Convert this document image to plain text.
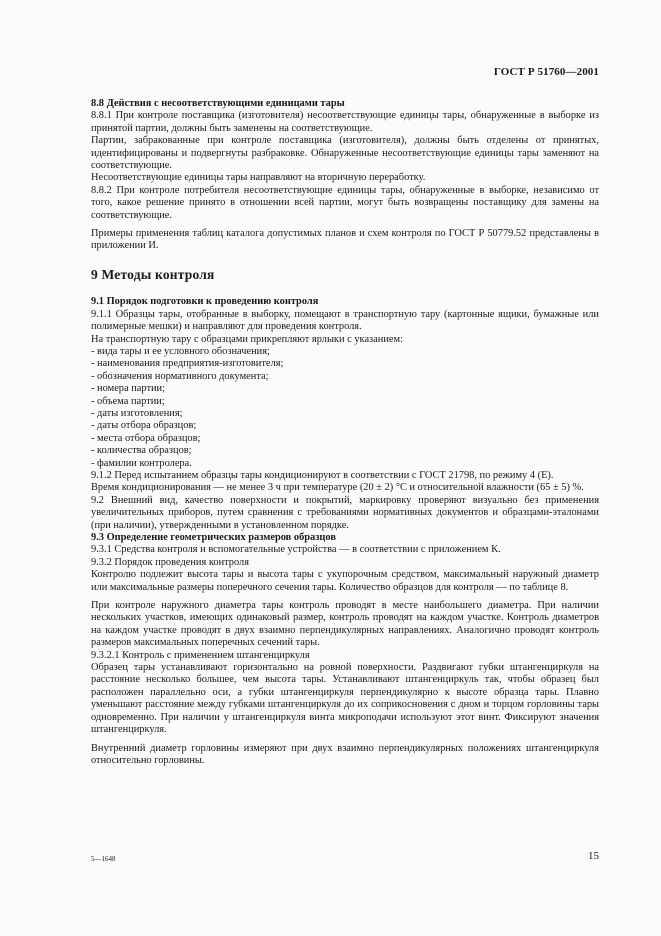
ГОСТ Р 51760—2001

8.8 Действия с несоответствующими единицами тары

8.8.1 При контроле поставщика (изготовителя) несоответствующие единицы тары, обнаруженные в выборке из принятой партии, должны быть заменены на соответствующие.

Партии, забракованные при контроле поставщика (изготовителя), должны быть отделены от принятых, идентифицированы и подвергнуты разбраковке. Обнаруженные несоответствующие единицы тары заменяют на соответствующие.

Несоответствующие единицы тары направляют на вторичную переработку.

8.8.2 При контроле потребителя несоответствующие единицы тары, обнаруженные в выборке, независимо от того, какое решение принято в отношении всей партии, могут быть возвращены поставщику для замены на соответствующие.

Примеры применения таблиц каталога допустимых планов и схем контроля по ГОСТ Р 50779.52 представлены в приложении И.

9 Методы контроля

9.1 Порядок подготовки к проведению контроля

9.1.1 Образцы тары, отобранные в выборку, помещают в транспортную тару (картонные ящики, бумажные или полимерные мешки) и направляют для проведения контроля.

На транспортную тару с образцами прикрепляют ярлыки с указанием:

- вида тары и ее условного обозначения;

- наименования предприятия-изготовителя;

- обозначения нормативного документа;

- номера партии;

- объема партии;

- даты изготовления;

- даты отбора образцов;

- места отбора образцов;

- количества образцов;

- фамилии контролера.

9.1.2 Перед испытанием образцы тары кондиционируют в соответствии с ГОСТ 21798, по режиму 4 (Е).

Время кондиционирования — не менее 3 ч при температуре (20 ± 2) °С и относительной влажности (65 ± 5) %.

9.2 Внешний вид, качество поверхности и покрытий, маркировку проверяют визуально без применения увеличительных приборов, путем сравнения с требованиями нормативных документов и образцами-эталонами (при наличии), утвержденными в установленном порядке.

9.3 Определение геометрических размеров образцов

9.3.1 Средства контроля и вспомогательные устройства — в соответствии с приложением К.

9.3.2 Порядок проведения контроля

Контролю подлежит высота тары и высота тары с укупорочным средством, максимальный наружный диаметр или максимальные размеры поперечного сечения тары. Количество образцов для контроля — по таблице 8.

При контроле наружного диаметра тары контроль проводят в месте наибольшего диаметра. При наличии нескольких участков, имеющих одинаковый размер, контроль проводят на каждом участке. Контроль диаметров на каждом участке проводят в двух взаимно перпендикулярных направлениях. Аналогично проводят контроль размеров максимальных поперечных сечений тары.

9.3.2.1 Контроль с применением штангенциркуля

Образец тары устанавливают горизонтально на ровной поверхности. Раздвигают губки штангенциркуля на расстояние несколько большее, чем высота тары. Устанавливают штангенциркуль так, чтобы образец был расположен параллельно оси, а губки штангенциркуля перпендикулярно к высоте образца тары. Плавно уменьшают расстояние между губками штангенциркуля до их соприкосновения с дном и торцом горловины тары одновременно. При наличии у штангенциркуля винта микроподачи используют этот винт. Фиксируют значения штангенциркуля.

Внутренний диаметр горловины измеряют при двух взаимно перпендикулярных положениях штангенциркуля относительно горловины.

5—1648	15
